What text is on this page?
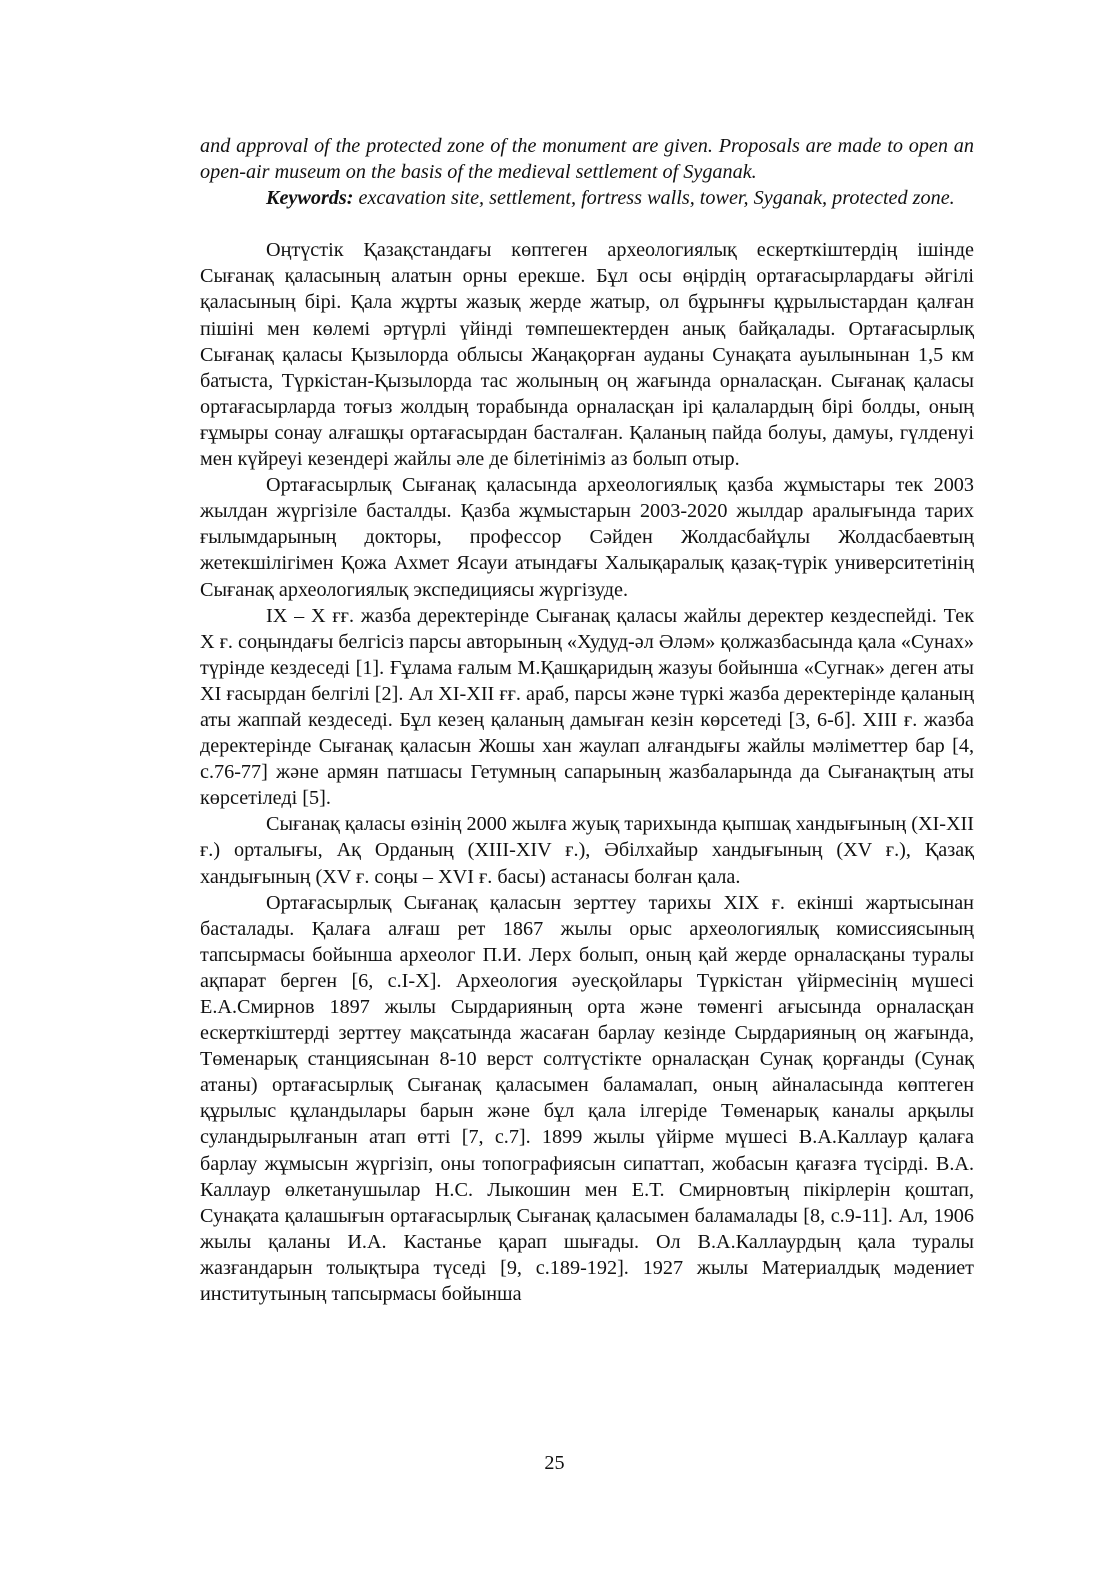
and approval of the protected zone of the monument are given. Proposals are made to open an open-air museum on the basis of the medieval settlement of Syganak.

Keywords: excavation site, settlement, fortress walls, tower, Syganak, protected zone.

Оңтүстік Қазақстандағы көптеген археологиялық ескерткіштердің ішінде Сығанақ қаласының алатын орны ерекше. Бұл осы өңірдің ортағасырлардағы әйгілі қаласының бірі. Қала жұрты жазық жерде жатыр, ол бұрынғы құрылыстардан қалған пішіні мен көлемі әртүрлі үйінді төмпешектерден анық байқалады. Ортағасырлық Сығанақ қаласы Қызылорда облысы Жаңақорған ауданы Сунақата ауылынынан 1,5 км батыста, Түркістан-Қызылорда тас жолының оң жағында орналасқан. Сығанақ қаласы ортағасырларда тоғыз жолдың торабында орналасқан ірі қалалардың бірі болды, оның ғұмыры сонау алғашқы ортағасырдан басталған. Қаланың пайда болуы, дамуы, гүлденуі мен күйреуі кезендері жайлы әле де білетініміз аз болып отыр.

Ортағасырлық Сығанақ қаласында археологиялық қазба жұмыстары тек 2003 жылдан жүргізіле басталды. Қазба жұмыстарын 2003-2020 жылдар аралығында тарих ғылымдарының докторы, профессор Сәйден Жолдасбайұлы Жолдасбаевтың жетекшілігімен Қожа Ахмет Ясауи атындағы Халықаралық қазақ-түрік университетінің Сығанақ археологиялық экспедициясы жүргізуде.

IX – X ғғ. жазба деректерінде Сығанақ қаласы жайлы деректер кездеспейді. Тек X ғ. соңындағы белгісіз парсы авторының «Худуд-әл Әләм» қолжазбасында қала «Сунах» түрінде кездеседі [1]. Ғұлама ғалым М.Қашқаридың жазуы бойынша «Сугнак» деген аты XI ғасырдан белгілі [2]. Ал XI-XII ғғ. араб, парсы және түркі жазба деректерінде қаланың аты жаппай кездеседі. Бұл кезең қаланың дамыған кезін көрсетеді [3, 6-б]. XIII ғ. жазба деректерінде Сығанақ қаласын Жошы хан жаулап алғандығы жайлы мәліметтер бар [4, с.76-77] және армян патшасы Гетумның сапарының жазбаларында да Сығанақтың аты көрсетіледі [5].

Сығанақ қаласы өзінің 2000 жылға жуық тарихында қыпшақ хандығының (XI-XII ғ.) орталығы, Ақ Орданың (XIII-XIV ғ.), Әбілхайыр хандығының (XV ғ.), Қазақ хандығының (XV ғ. соңы – XVI ғ. басы) астанасы болған қала.

Ортағасырлық Сығанақ қаласын зерттеу тарихы XIX ғ. екінші жартысынан басталады. Қалаға алғаш рет 1867 жылы орыс археологиялық комиссиясының тапсырмасы бойынша археолог П.И. Лерх болып, оның қай жерде орналасқаны туралы ақпарат берген [6, с.I-X]. Археология әуесқойлары Түркістан үйірмесінің мүшесі Е.А.Смирнов 1897 жылы Сырдарияның орта және төменгі ағысында орналасқан ескерткіштерді зерттеу мақсатында жасаған барлау кезінде Сырдарияның оң жағында, Төменарық станциясынан 8-10 верст солтүстікте орналасқан Сунақ қорғанды (Сунақ атаны) ортағасырлық Сығанақ қаласымен баламалап, оның айналасында көптеген құрылыс құландылары барын және бұл қала ілгеріде Төменарық каналы арқылы суландырылғанын атап өтті [7, с.7]. 1899 жылы үйірме мүшесі В.А.Каллаур қалаға барлау жұмысын жүргізіп, оны топографиясын сипаттап, жобасын қағазға түсірді. В.А. Каллаур өлкетанушылар Н.С. Лыкошин мен Е.Т. Смирновтың пікірлерін қоштап, Сунақата қалашығын ортағасырлық Сығанақ қаласымен баламалады [8, с.9-11]. Ал, 1906 жылы қаланы И.А. Кастанье қарап шығады. Ол В.А.Каллаурдың қала туралы жазғандарын толықтыра түседі [9, с.189-192]. 1927 жылы Материалдық мәдениет институтының тапсырмасы бойынша

25
